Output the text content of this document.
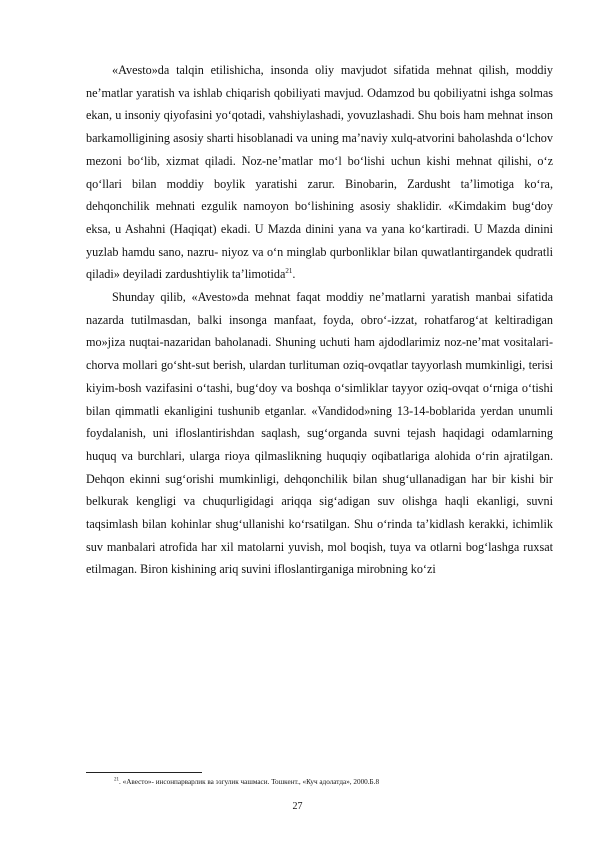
«Avesto»da talqin etilishicha, insonda oliy mavjudot sifatida mehnat qilish, moddiy ne’matlar yaratish va ishlab chiqarish qobiliyati mavjud. Odamzod bu qobiliyatni ishga solmas ekan, u insoniy qiyofasini yo‘qotadi, vahshiylashadi, yovuzlashadi. Shu bois ham mehnat inson barkamolligining asosiy sharti hisoblanadi va uning ma’naviy xulq-atvorini baholashda o‘lchov mezoni bo‘lib, xizmat qiladi. Noz-ne’matlar mo‘l bo‘lishi uchun kishi mehnat qilishi, o‘z qo‘llari bilan moddiy boylik yaratishi zarur. Binobarin, Zardusht ta’limotiga ko‘ra, dehqonchilik mehnati ezgulik namoyon bo‘lishining asosiy shaklidir. «Kimdakim bug‘doy eksa, u Ashahni (Haqiqat) ekadi. U Mazda dinini yana va yana ko‘kartiradi. U Mazda dinini yuzlab hamdu sano, nazru- niyoz va o‘n minglab qurbonliklar bilan quwatlantirgandek qudratli qiladi» deyiladi zardushtiylik ta’limotida$^{21}$.

Shunday qilib, «Avesto»da mehnat faqat moddiy ne’matlarni yaratish manbai sifatida nazarda tutilmasdan, balki insonga manfaat, foyda, obro‘-izzat, rohatfarog‘at keltiradigan mo»jiza nuqtai-nazaridan baholanadi. Shuning uchuti ham ajdodlarimiz noz-ne’mat vositalari-chorva mollari go‘sht-sut berish, ulardan turlituman oziq-ovqatlar tayyorlash mumkinligi, terisi kiyim-bosh vazifasini o‘tashi, bug‘doy va boshqa o‘simliklar tayyor oziq-ovqat o‘rniga o‘tishi bilan qimmatli ekanligini tushunib etganlar. «Vandidod»ning 13-14-boblarida yerdan unumli foydalanish, uni ifloslantirishdan saqlash, sug‘organda suvni tejash haqidagi odamlarning huquq va burchlari, ularga rioya qilmaslikning huquqiy oqibatlariga alohida o‘rin ajratilgan. Dehqon ekinni sug‘orishi mumkinligi, dehqonchilik bilan shug‘ullanadigan har bir kishi bir belkurak kengligi va chuqurligidagi ariqqa sig‘adigan suv olishga haqli ekanligi, suvni taqsimlash bilan kohinlar shug‘ullanishi ko‘rsatilgan. Shu o‘rinda ta’kidlash kerakki, ichimlik suv manbalari atrofida har xil matolarni yuvish, mol boqish, tuya va otlarni bog‘lashga ruxsat etilmagan. Biron kishining ariq suvini ifloslantirganiga mirobning ko‘zi

$^{21}$. «Авесто»- инсонпарварлик ва эзгулик чашмаси. Тошкент., «Куч адолатда», 2000.Б.8

27
